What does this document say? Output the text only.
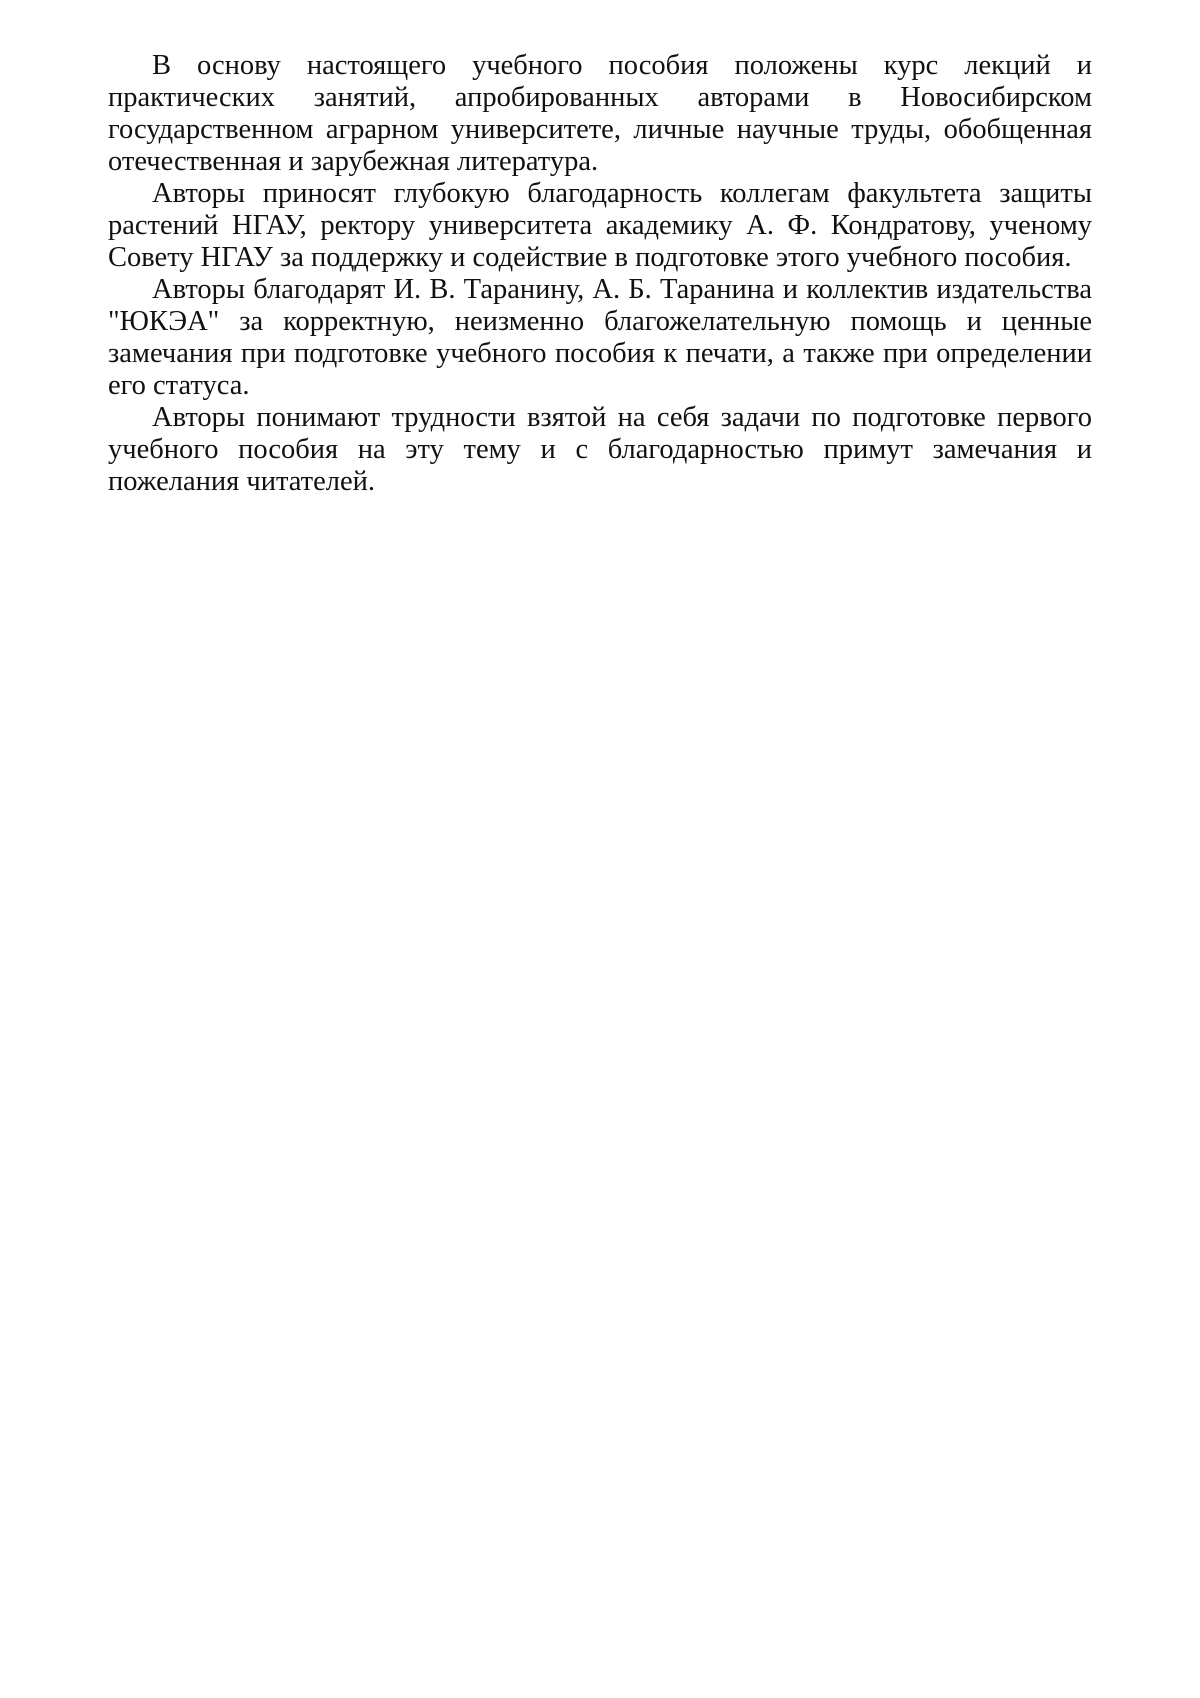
В основу настоящего учебного пособия положены курс лекций и практических занятий, апробированных авторами в Новосибирском государственном аграрном университете, личные научные труды, обобщенная отечественная и зарубежная литература.

Авторы приносят глубокую благодарность коллегам факультета защиты растений НГАУ, ректору университета академику А. Ф. Кондратову, ученому Совету НГАУ за поддержку и содействие в подготовке этого учебного пособия.

Авторы благодарят И. В. Таранину, А. Б. Таранина и коллектив издательства "ЮКЭА" за корректную, неизменно благожелательную помощь и ценные замечания при подготовке учебного пособия к печати, а также при определении его статуса.

Авторы понимают трудности взятой на себя задачи по подготовке первого учебного пособия на эту тему и с благодарностью примут замечания и пожелания читателей.
